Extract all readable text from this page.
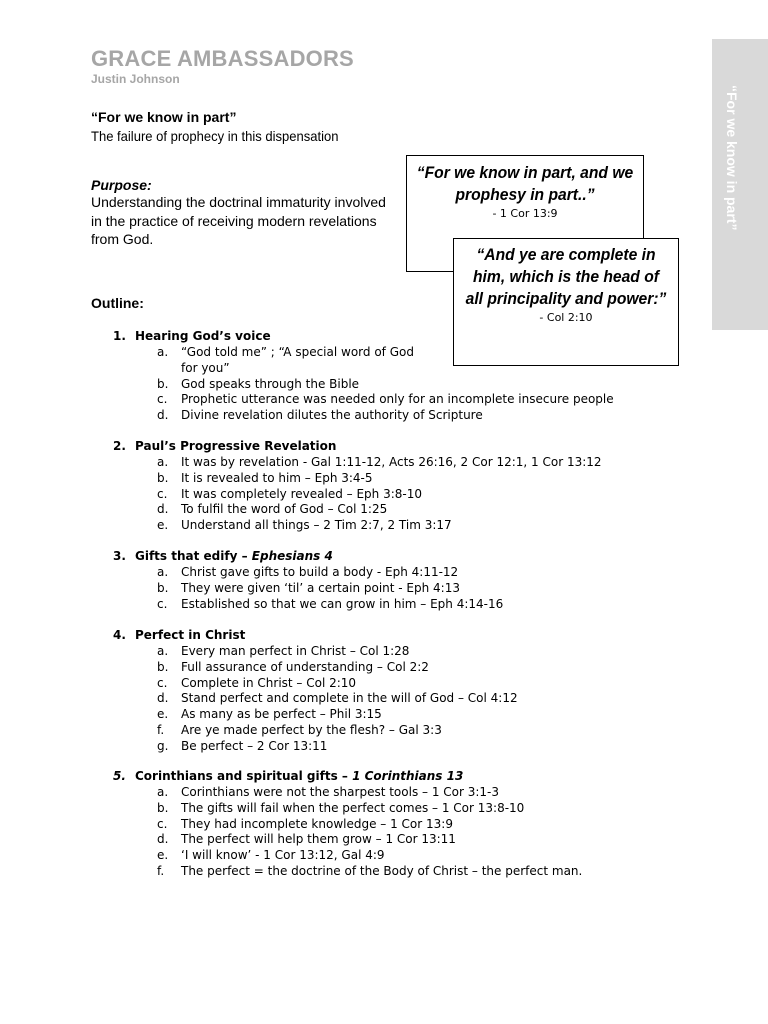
GRACE AMBASSADORS
Justin Johnson
“For we know in part”
The failure of prophecy in this dispensation
Purpose:
Understanding the doctrinal immaturity involved in the practice of receiving modern revelations from God.
Outline:
“For we know in part”
“For we know in part, and we prophesy in part..”
- 1 Cor 13:9
“And ye are complete in him, which is the head of all principality and power:”
- Col 2:10
1. Hearing God’s voice
a. “God told me” ; “A special word of God
for you”
b. God speaks through the Bible
c. Prophetic utterance was needed only for an incomplete insecure people
d. Divine revelation dilutes the authority of Scripture
2. Paul’s Progressive Revelation
a. It was by revelation - Gal 1:11-12, Acts 26:16, 2 Cor 12:1, 1 Cor 13:12
b. It is revealed to him – Eph 3:4-5
c. It was completely revealed – Eph 3:8-10
d. To fulfil the word of God – Col 1:25
e. Understand all things – 2 Tim 2:7, 2 Tim 3:17
3. Gifts that edify – Ephesians 4
a. Christ gave gifts to build a body - Eph 4:11-12
b. They were given ‘til’ a certain point - Eph 4:13
c. Established so that we can grow in him – Eph 4:14-16
4. Perfect in Christ
a. Every man perfect in Christ – Col 1:28
b. Full assurance of understanding – Col 2:2
c. Complete in Christ – Col 2:10
d. Stand perfect and complete in the will of God – Col 4:12
e. As many as be perfect – Phil 3:15
f. Are ye made perfect by the flesh? – Gal 3:3
g. Be perfect – 2 Cor 13:11
5. Corinthians and spiritual gifts – 1 Corinthians 13
a. Corinthians were not the sharpest tools – 1 Cor 3:1-3
b. The gifts will fail when the perfect comes – 1 Cor 13:8-10
c. They had incomplete knowledge – 1 Cor 13:9
d. The perfect will help them grow – 1 Cor 13:11
e. ‘I will know’ - 1 Cor 13:12, Gal 4:9
f. The perfect = the doctrine of the Body of Christ – the perfect man.
